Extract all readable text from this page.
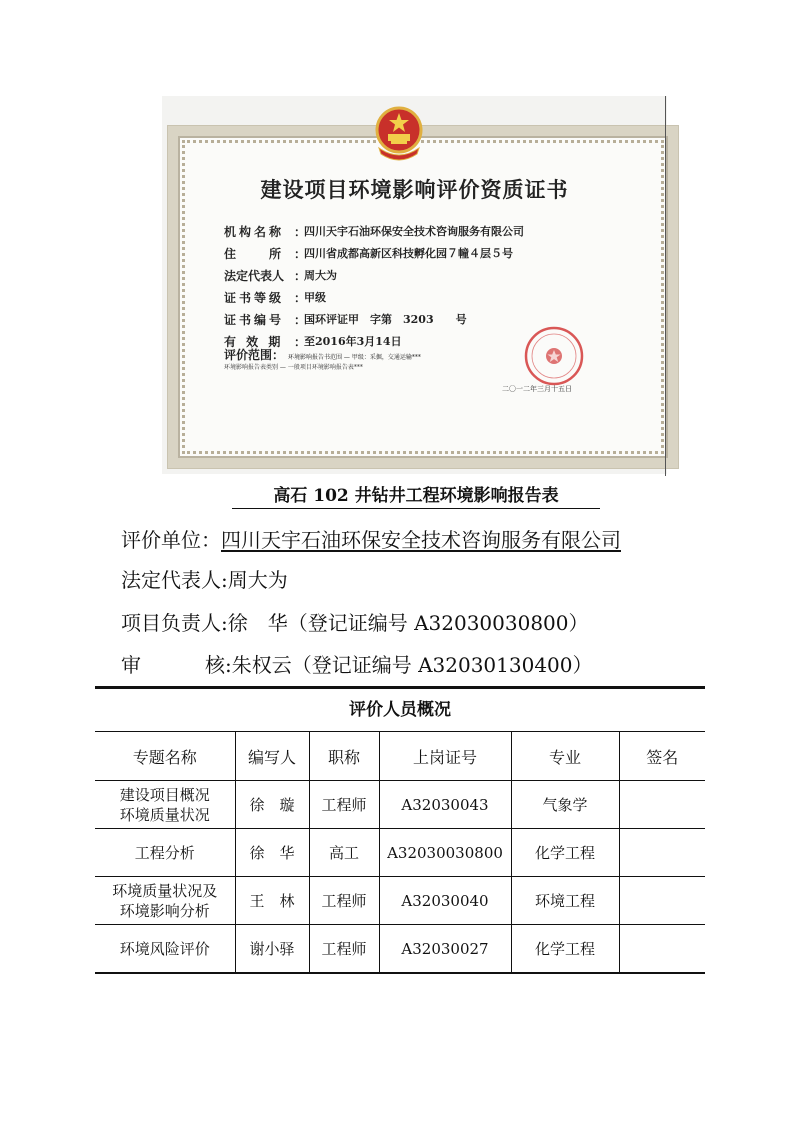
建设项目环境影响评价资质证书
机构名称 ：
四川天宇石油环保安全技术咨询服务有限公司
住　　所 ：
四川省成都高新区科技孵化园７幢４层５号
法定代表人 ：
周大为
证书等级 ：
甲级
证书编号 ：
国环评证甲　字第　3203　　号
有 效 期 ：
至2016年3月14日
评价范围： 环境影响报告书范围 — 甲级：采掘，交通运输***
环境影响报告表类别 — 一般项目环境影响报告表***
二〇一二年三月十五日
高石 102 井钻井工程环境影响报告表
评价单位：四川天宇石油环保安全技术咨询服务有限公司
法定代表人:周大为
项目负责人:徐　华（登记证编号 A32030030800）
审	核:朱权云（登记证编号 A32030130400）
评价人员概况
专题名称	编写人	职称	上岗证号	专业	签名
建设项目概况
环境质量状况	徐　璇	工程师	A32030043	气象学	
工程分析	徐　华	高工	A32030030800	化学工程	
环境质量状况及
环境影响分析	王　林	工程师	A32030040	环境工程	
环境风险评价	谢小驿	工程师	A32030027	化学工程	
